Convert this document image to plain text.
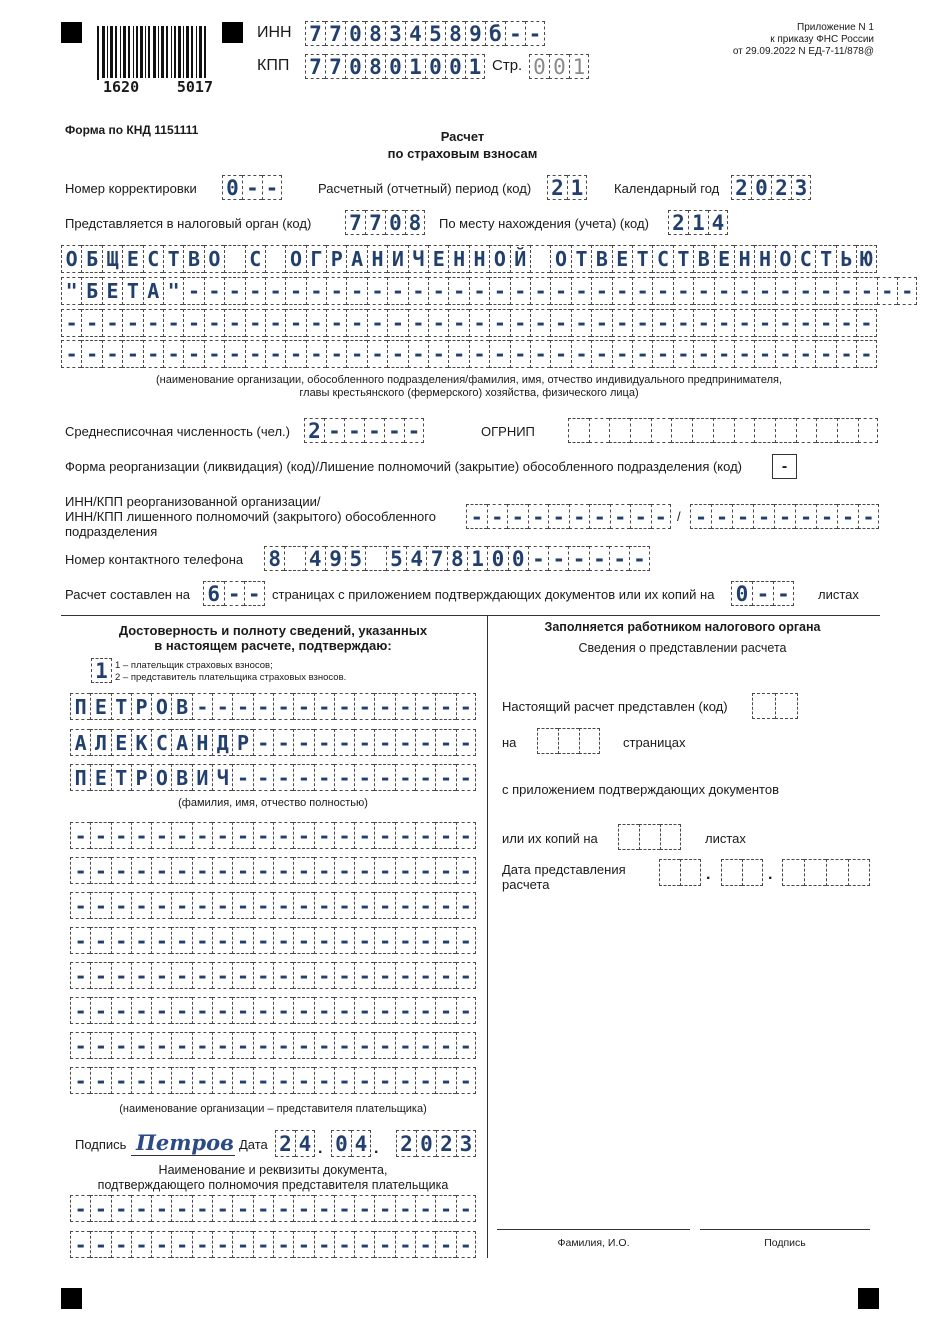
1620	5017
ИНН 7 7 0 8 3 4 5 8 9 б - -
КПП 7 7 0 8 0 1 0 0 1 Стр. 0 0 1
Приложение N 1
к приказу ФНС России
от 29.09.2022 N ЕД-7-11/878@
Форма по КНД 1151111	Расчет
по страховым взносам
Номер корректировки 0 - -	Расчетный (отчетный) период (код) 2 1 Календарный год 2 0 2 3
Представляется в налоговый орган (код) 7 7 0 8 По месту нахождения (учета) (код) 2 1 4
О Б Щ Е С Т В О С О Г Р А Н И Ч Е Н Н О Й О Т В Е Т С Т В Е Н Н О С Т Ь Ю
" Б Е Т А " - - - - - - - - - - - - - - - - - - - - - - - - - - - - - - - - - - - -
- - - - - - - - - - - - - - - - - - - - - - - - - - - - - - - - - - - - - - - -
- - - - - - - - - - - - - - - - - - - - - - - - - - - - - - - - - - - - - - - -
(наименование организации, обособленного подразделения/фамилия, имя, отчество индивидуального предпринимателя,
главы крестьянского (фермерского) хозяйства, физического лица)
Среднесписочная численность (чел.) 2 - - - - -	ОГРНИП
Форма реорганизации (ликвидация) (код)/Лишение полномочий (закрытие) обособленного подразделения (код)	-
ИНН/КПП реорганизованной организации/
ИНН/КПП лишенного полномочий (закрытого) обособленного
подразделения
- - - - - - - - - - / - - - - - - - - -
Номер контактного телефона 8 4 9 5 5 4 7 8 1 0 0 - - - - - -
Расчет составлен на 6 - - страницах с приложением подтверждающих документов или их копий на 0 - -	листах
Достоверность и полноту сведений, указанных
в настоящем расчете, подтверждаю:
1 1 – плательщик страховых взносов;
2 – представитель плательщика страховых взносов.
П Е Т Р О В - - - - - - - - - - - - - -
А Л Е К С А Н Д Р - - - - - - - - - - -
П Е Т Р О В И Ч - - - - - - - - - - - -
(фамилия, имя, отчество полностью)
- - - - - - - - - - - - - - - - - - - -
- - - - - - - - - - - - - - - - - - - -
- - - - - - - - - - - - - - - - - - - -
- - - - - - - - - - - - - - - - - - - -
- - - - - - - - - - - - - - - - - - - -
- - - - - - - - - - - - - - - - - - - -
- - - - - - - - - - - - - - - - - - - -
- - - - - - - - - - - - - - - - - - - -
(наименование организации – представителя плательщика)
Подпись Петров Дата 2 4 . 0 4 . 2 0 2 3
Наименование и реквизиты документа,
подтверждающего полномочия представителя плательщика
- - - - - - - - - - - - - - - - - - - -
- - - - - - - - - - - - - - - - - - - -
Заполняется работником налогового органа
Сведения о представлении расчета
Настоящий расчет представлен (код)
на	страницах
с приложением подтверждающих документов
или их копий на	листах
Дата представления
расчета
.	.
Фамилия, И.О.	Подпись
